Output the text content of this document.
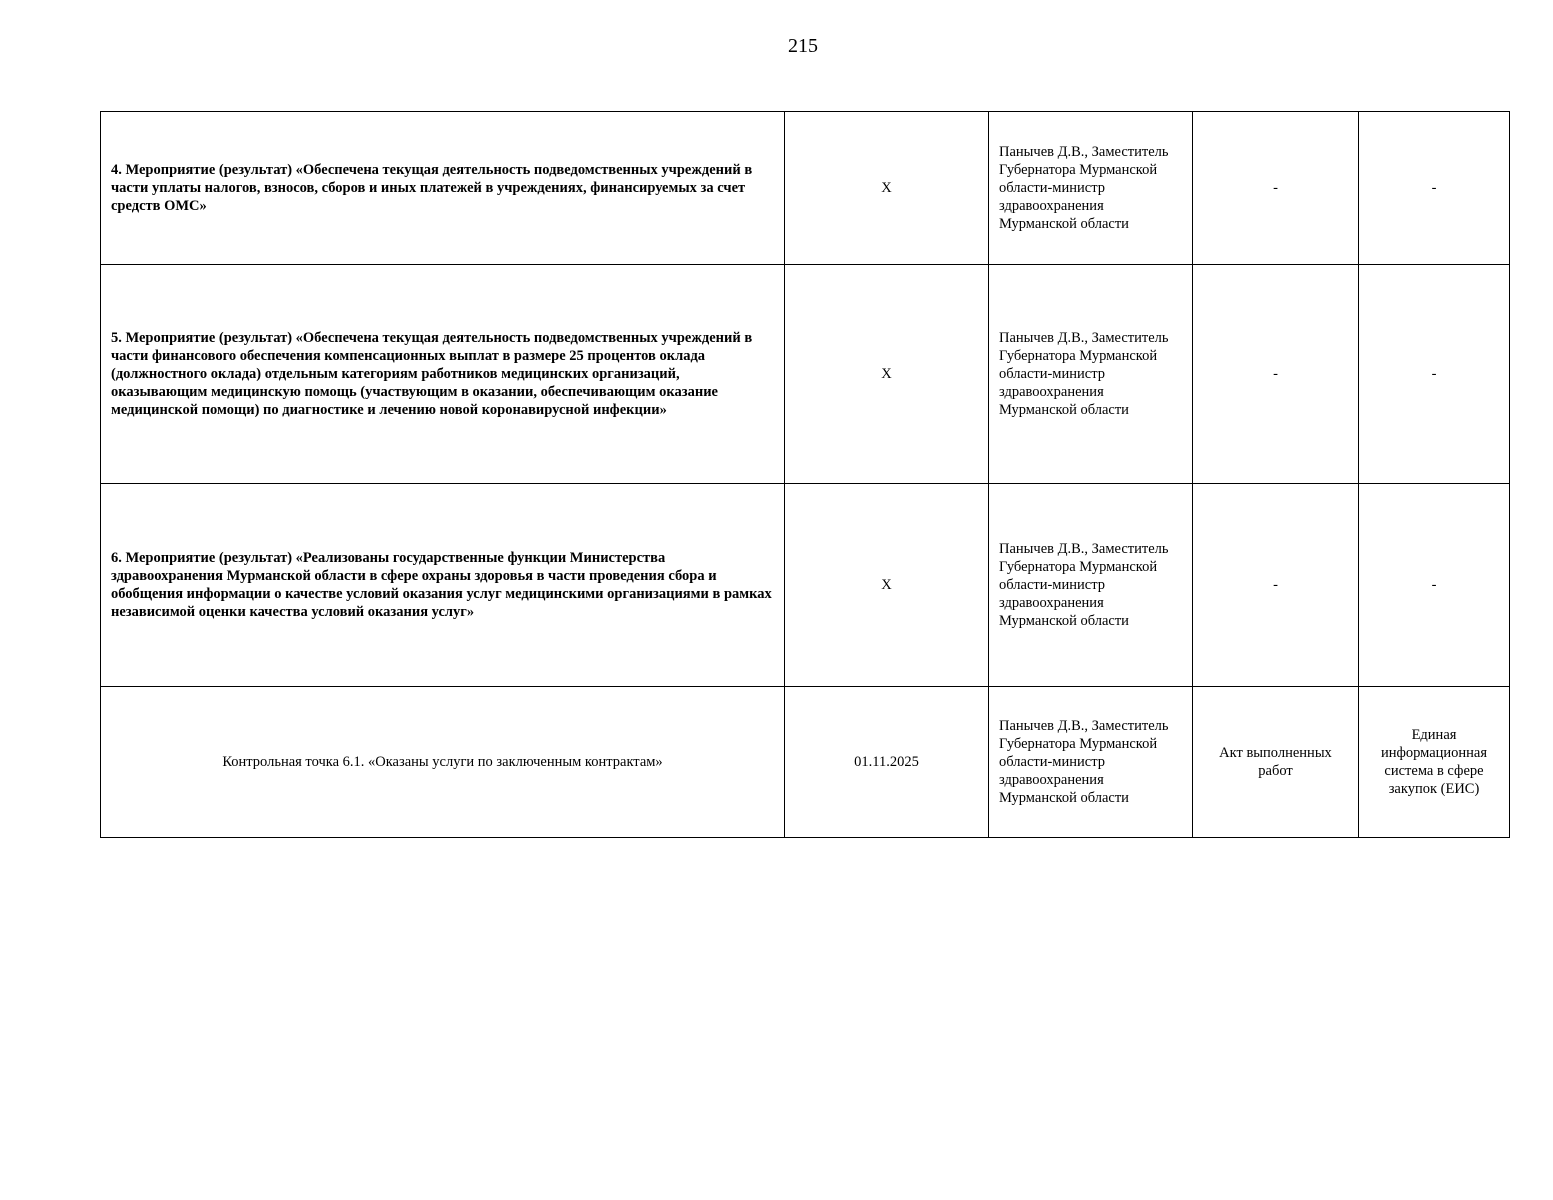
215
4. Мероприятие (результат) «Обеспечена текущая деятельность подведомственных учреждений в части уплаты налогов, взносов, сборов и иных платежей в учреждениях, финансируемых за счет средств ОМС»	X	Панычев Д.В., Заместитель Губернатора Мурманской области-министр здравоохранения Мурманской области	-	-
5. Мероприятие (результат) «Обеспечена текущая деятельность подведомственных учреждений в части финансового обеспечения компенсационных выплат в размере 25 процентов оклада (должностного оклада) отдельным категориям работников медицинских организаций, оказывающим медицинскую помощь (участвующим в оказании, обеспечивающим оказание медицинской помощи) по диагностике и лечению новой коронавирусной инфекции»	X	Панычев Д.В., Заместитель Губернатора Мурманской области-министр здравоохранения Мурманской области	-	-
6. Мероприятие (результат) «Реализованы государственные функции Министерства здравоохранения Мурманской области в сфере охраны здоровья в части проведения сбора и обобщения информации о качестве условий оказания услуг медицинскими организациями в рамках независимой оценки качества условий оказания услуг»	X	Панычев Д.В., Заместитель Губернатора Мурманской области-министр здравоохранения Мурманской области	-	-
Контрольная точка 6.1. «Оказаны услуги по заключенным контрактам»	01.11.2025	Панычев Д.В., Заместитель Губернатора Мурманской области-министр здравоохранения Мурманской области	Акт выполненных работ	Единая информационная система в сфере закупок (ЕИС)
